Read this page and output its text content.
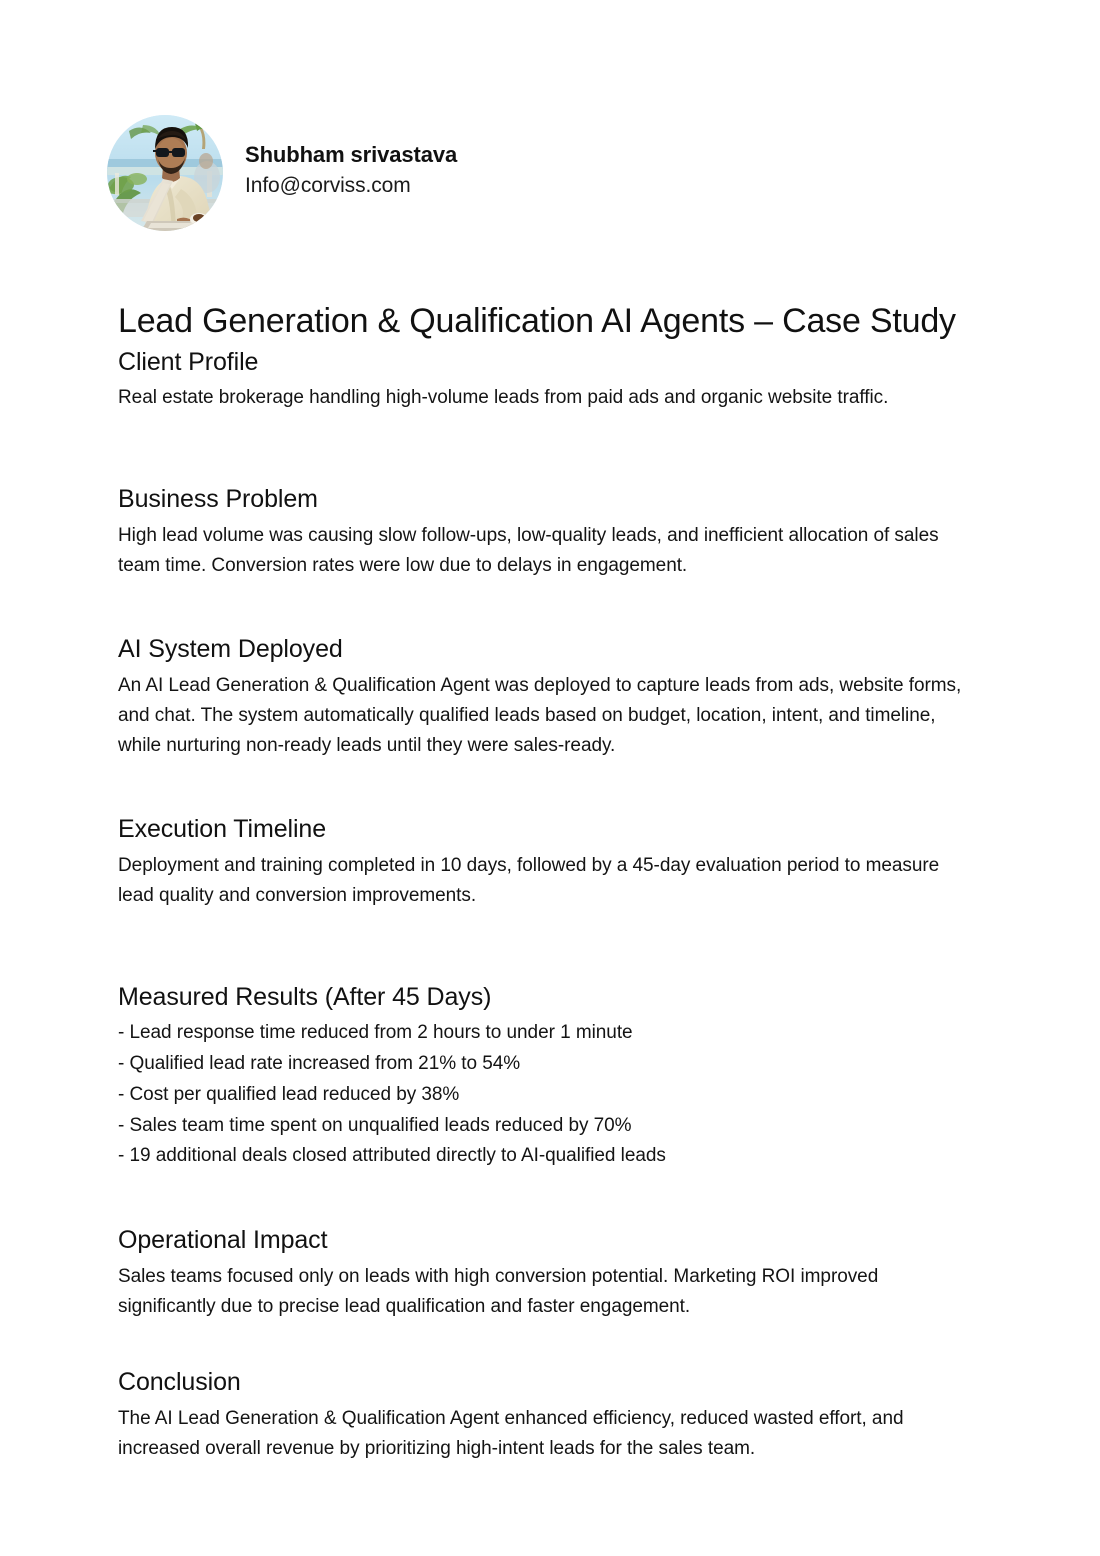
Shubham srivastava
Info@corviss.com
Lead Generation & Qualification AI Agents – Case Study
Client Profile

Real estate brokerage handling high-volume leads from paid ads and organic website traffic.

Business Problem

High lead volume was causing slow follow-ups, low-quality leads, and inefficient allocation of sales team time. Conversion rates were low due to delays in engagement.

AI System Deployed

An AI Lead Generation & Qualification Agent was deployed to capture leads from ads, website forms, and chat. The system automatically qualified leads based on budget, location, intent, and timeline, while nurturing non-ready leads until they were sales-ready.

Execution Timeline

Deployment and training completed in 10 days, followed by a 45-day evaluation period to measure lead quality and conversion improvements.

Measured Results (After 45 Days)
- Lead response time reduced from 2 hours to under 1 minute
- Qualified lead rate increased from 21% to 54%
- Cost per qualified lead reduced by 38%
- Sales team time spent on unqualified leads reduced by 70%
- 19 additional deals closed attributed directly to AI-qualified leads
Operational Impact

Sales teams focused only on leads with high conversion potential. Marketing ROI improved significantly due to precise lead qualification and faster engagement.

Conclusion

The AI Lead Generation & Qualification Agent enhanced efficiency, reduced wasted effort, and increased overall revenue by prioritizing high-intent leads for the sales team.
